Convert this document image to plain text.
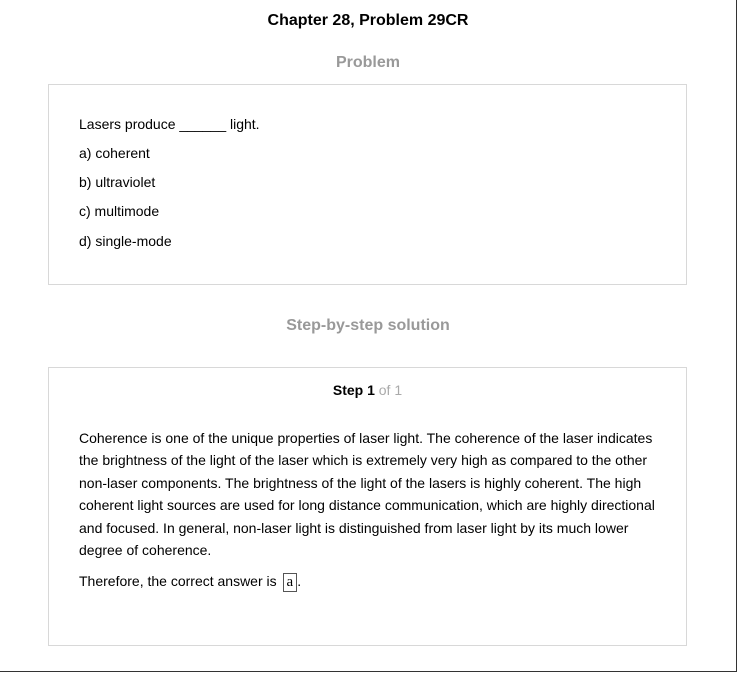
Chapter 28, Problem 29CR
Problem
Lasers produce ______ light.
a) coherent
b) ultraviolet
c) multimode
d) single-mode
Step-by-step solution
Step 1 of 1

Coherence is one of the unique properties of laser light. The coherence of the laser indicates the brightness of the light of the laser which is extremely very high as compared to the other non-laser components. The brightness of the light of the lasers is highly coherent. The high coherent light sources are used for long distance communication, which are highly directional and focused. In general, non-laser light is distinguished from laser light by its much lower degree of coherence.

Therefore, the correct answer is a .
